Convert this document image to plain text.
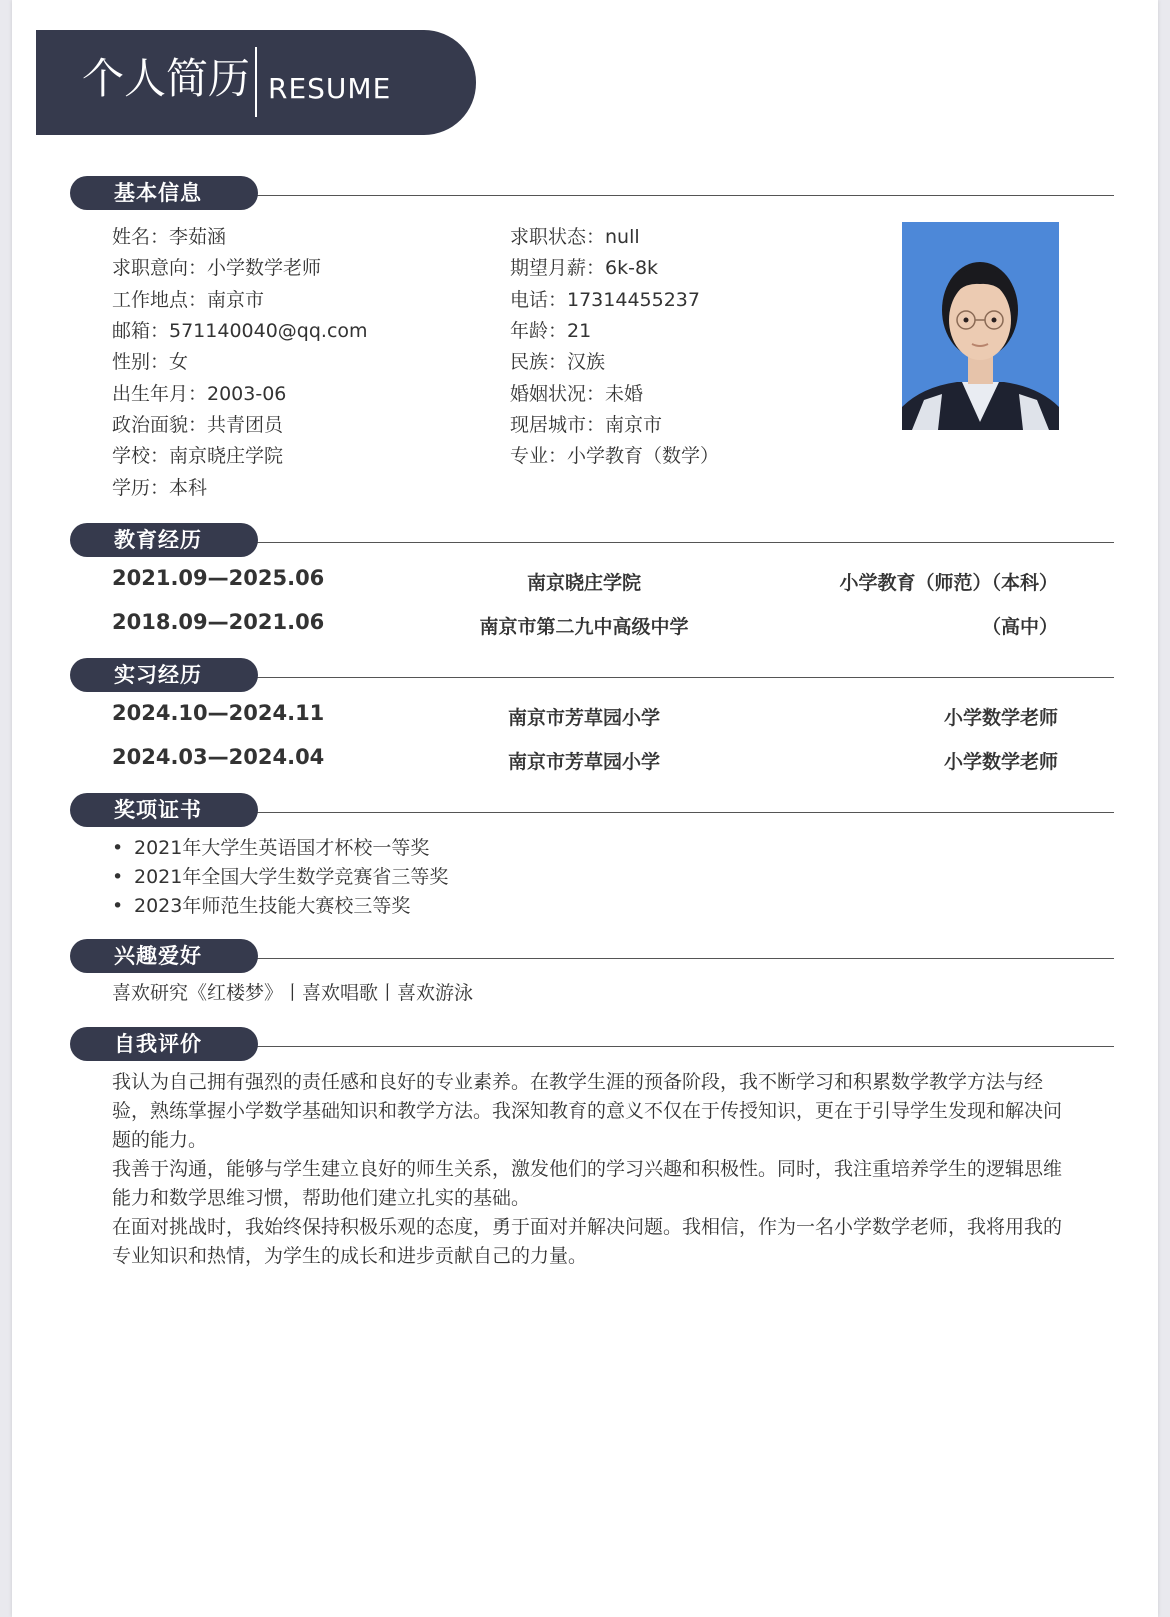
个人简历 RESUME
基本信息
姓名：李茹涵
求职意向：小学数学老师
工作地点：南京市
邮箱：571140040@qq.com
性别：女
出生年月：2003-06
政治面貌：共青团员
学校：南京晓庄学院
学历：本科
求职状态：null
期望月薪：6k-8k
电话：17314455237
年龄：21
民族：汉族
婚姻状况：未婚
现居城市：南京市
专业：小学教育（数学）
教育经历
2021.09—2025.06	南京晓庄学院	小学教育（师范）（本科）
2018.09—2021.06	南京市第二九中高级中学	（高中）
实习经历
2024.10—2024.11	南京市芳草园小学	小学数学老师
2024.03—2024.04	南京市芳草园小学	小学数学老师
奖项证书
• 2021年大学生英语国才杯校一等奖
• 2021年全国大学生数学竞赛省三等奖
• 2023年师范生技能大赛校三等奖
兴趣爱好
喜欢研究《红楼梦》丨喜欢唱歌丨喜欢游泳
自我评价
我认为自己拥有强烈的责任感和良好的专业素养。在教学生涯的预备阶段，我不断学习和积累数学教学方法与经验，熟练掌握小学数学基础知识和教学方法。我深知教育的意义不仅在于传授知识，更在于引导学生发现和解决问题的能力。
我善于沟通，能够与学生建立良好的师生关系，激发他们的学习兴趣和积极性。同时，我注重培养学生的逻辑思维能力和数学思维习惯，帮助他们建立扎实的基础。
在面对挑战时，我始终保持积极乐观的态度，勇于面对并解决问题。我相信，作为一名小学数学老师，我将用我的专业知识和热情，为学生的成长和进步贡献自己的力量。
